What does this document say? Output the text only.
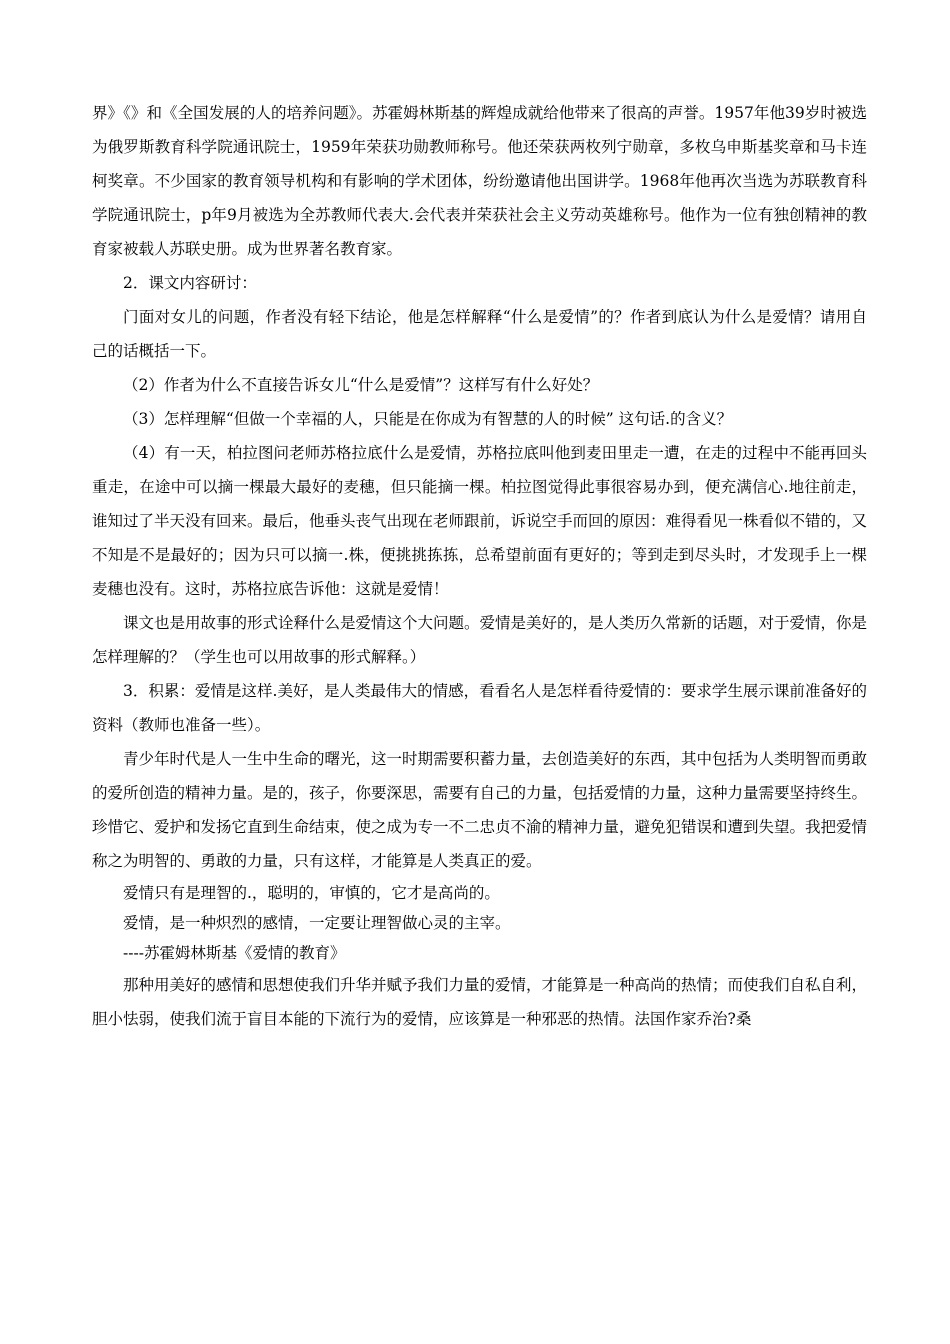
界》《》和《全国发展的人的培养问题》。苏霍姆林斯基的辉煌成就给他带来了很高的声誉。1957年他39岁时被选为俄罗斯教育科学院通讯院士，1959年荣获功勋教师称号。他还荣获两枚列宁勋章，多枚乌申斯基奖章和马卡连柯奖章。不少国家的教育领导机构和有影响的学术团体，纷纷邀请他出国讲学。1968年他再次当选为苏联教育科学院通讯院士，p年9月被选为全苏教师代表大.会代表并荣获社会主义劳动英雄称号。他作为一位有独创精神的教育家被载人苏联史册。成为世界著名教育家。

2．课文内容研讨：

门面对女儿的问题，作者没有轻下结论，他是怎样解释“什么是爱情”的？作者到底认为什么是爱情？请用自己的话概括一下。

（2）作者为什么不直接告诉女儿“什么是爱情”？这样写有什么好处？

（3）怎样理解“但做一个幸福的人，只能是在你成为有智慧的人的时候” 这句话.的含义？

（4）有一天，柏拉图问老师苏格拉底什么是爱情，苏格拉底叫他到麦田里走一遭，在走的过程中不能再回头重走，在途中可以摘一棵最大最好的麦穗，但只能摘一棵。柏拉图觉得此事很容易办到，便充满信心.地往前走，谁知过了半天没有回来。最后，他垂头丧气出现在老师跟前，诉说空手而回的原因：难得看见一株看似不错的，又不知是不是最好的；因为只可以摘一.株，便挑挑拣拣，总希望前面有更好的；等到走到尽头时，才发现手上一棵麦穗也没有。这时，苏格拉底告诉他：这就是爱情！

课文也是用故事的形式诠释什么是爱情这个大问题。爱情是美好的，是人类历久常新的话题，对于爱情，你是怎样理解的？（学生也可以用故事的形式解释。）

3．积累：爱情是这样.美好，是人类最伟大的情感，看看名人是怎样看待爱情的：要求学生展示课前准备好的资料（教师也准备一些）。

青少年时代是人一生中生命的曙光，这一时期需要积蓄力量，去创造美好的东西，其中包括为人类明智而勇敢的爱所创造的精神力量。是的，孩子，你要深思，需要有自己的力量，包括爱情的力量，这种力量需要坚持终生。珍惜它、爱护和发扬它直到生命结束，使之成为专一不二忠贞不渝的精神力量，避免犯错误和遭到失望。我把爱情称之为明智的、勇敢的力量，只有这样，才能算是人类真正的爱。

爱情只有是理智的.，聪明的，审慎的，它才是高尚的。

爱情，是一种炽烈的感情，一定要让理智做心灵的主宰。

----苏霍姆林斯基《爱情的教育》

那种用美好的感情和思想使我们升华并赋予我们力量的爱情，才能算是一种高尚的热情；而使我们自私自利，胆小怯弱，使我们流于盲目本能的下流行为的爱情，应该算是一种邪恶的热情。法国作家乔治?桑
